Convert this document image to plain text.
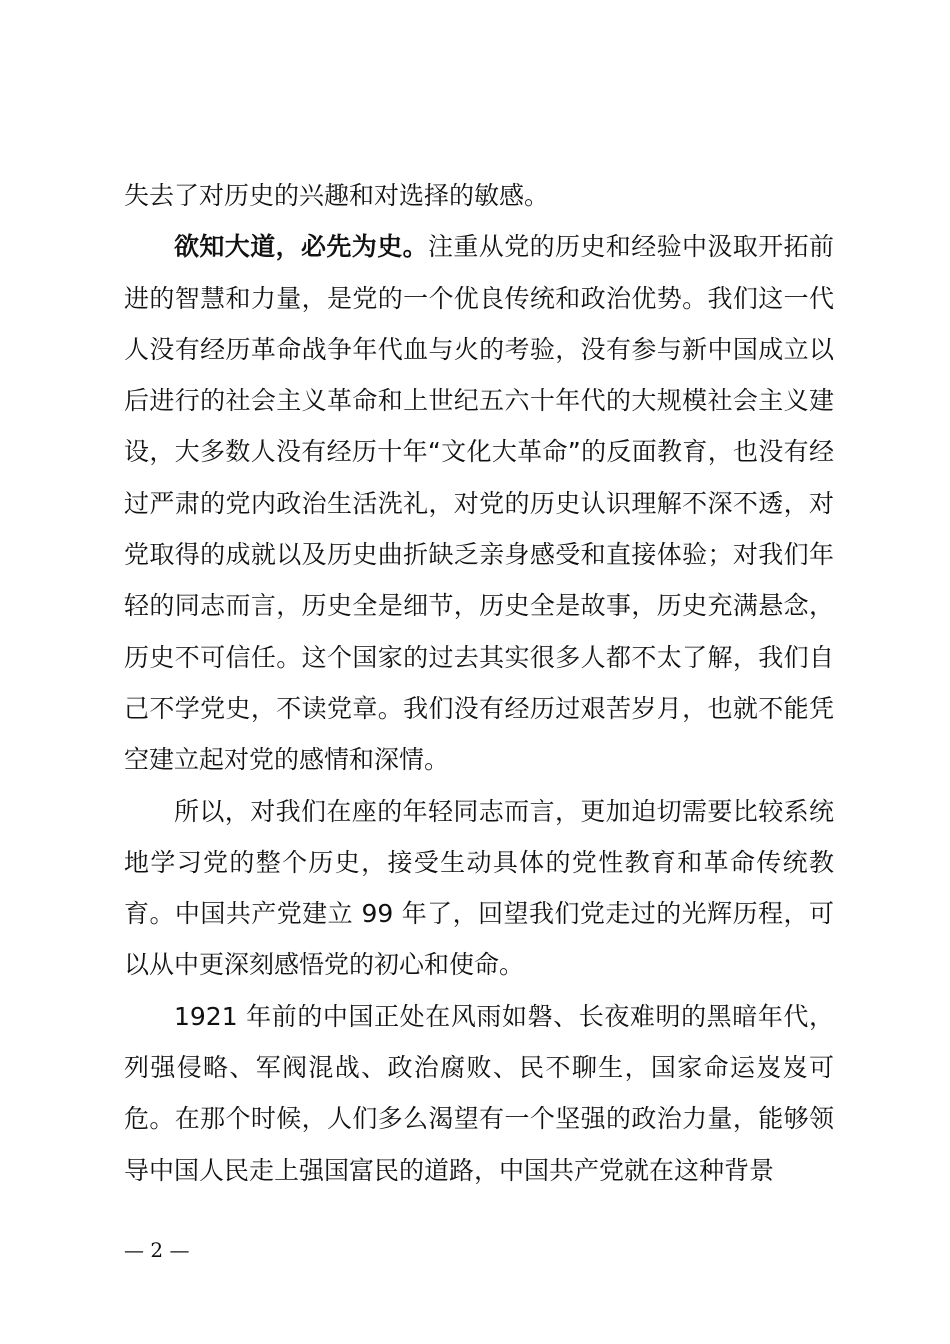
失去了对历史的兴趣和对选择的敏感。

欲知大道，必先为史。注重从党的历史和经验中汲取开拓前进的智慧和力量，是党的一个优良传统和政治优势。我们这一代人没有经历革命战争年代血与火的考验，没有参与新中国成立以后进行的社会主义革命和上世纪五六十年代的大规模社会主义建设，大多数人没有经历十年“文化大革命”的反面教育，也没有经过严肃的党内政治生活洗礼，对党的历史认识理解不深不透，对党取得的成就以及历史曲折缺乏亲身感受和直接体验；对我们年轻的同志而言，历史全是细节，历史全是故事，历史充满悬念，历史不可信任。这个国家的过去其实很多人都不太了解，我们自己不学党史，不读党章。我们没有经历过艰苦岁月，也就不能凭空建立起对党的感情和深情。

所以，对我们在座的年轻同志而言，更加迫切需要比较系统地学习党的整个历史，接受生动具体的党性教育和革命传统教育。中国共产党建立 99 年了，回望我们党走过的光辉历程，可以从中更深刻感悟党的初心和使命。

1921 年前的中国正处在风雨如磐、长夜难明的黑暗年代，列强侵略、军阀混战、政治腐败、民不聊生，国家命运岌岌可危。在那个时候，人们多么渴望有一个坚强的政治力量，能够领导中国人民走上强国富民的道路，中国共产党就在这种背景

— 2 —
